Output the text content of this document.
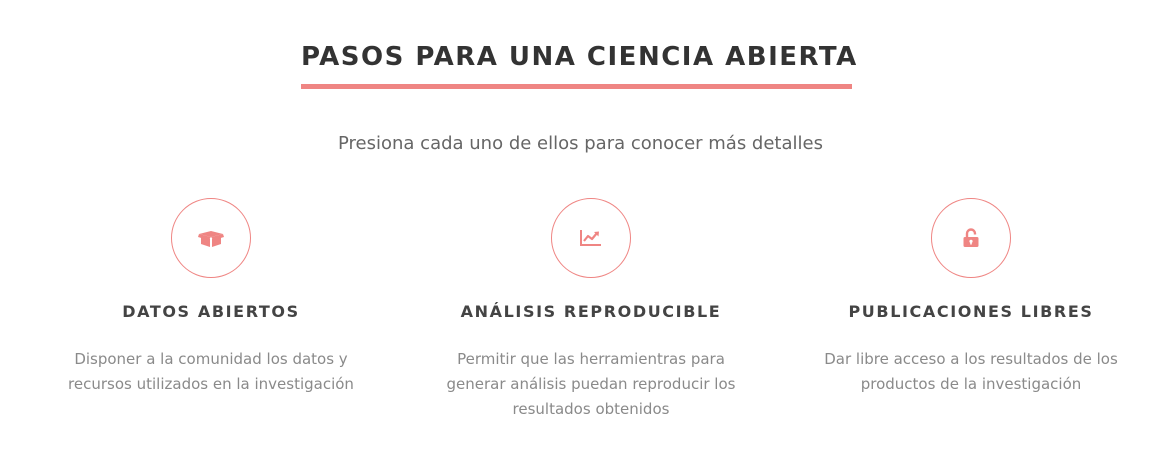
PASOS PARA UNA CIENCIA ABIERTA
Presiona cada uno de ellos para conocer más detalles
DATOS ABIERTOS
Disponer a la comunidad los datos y recursos utilizados en la investigación
ANÁLISIS REPRODUCIBLE
Permitir que las herramientras para generar análisis puedan reproducir los resultados obtenidos
PUBLICACIONES LIBRES
Dar libre acceso a los resultados de los productos de la investigación
